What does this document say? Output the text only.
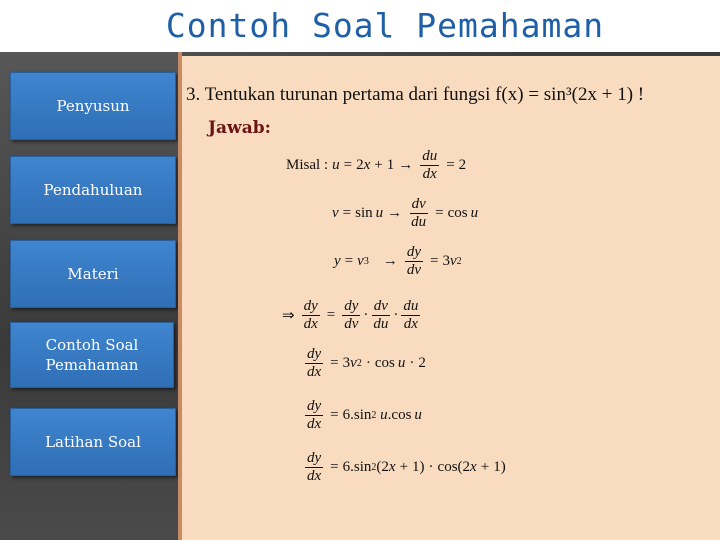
Contoh Soal Pemahaman
Penyusun
Pendahuluan
Materi
Contoh Soal Pemahaman
Latihan Soal
3. Tentukan turunan pertama dari fungsi f(x) = sin³(2x + 1) !
Jawab:
Misal : u = 2 $x + 1 \to \frac{du}{dx} = 2$
$v = \sin u \to \frac{dv}{du} = \cos u$
y = v $3 \to \frac{dy}{dv} = 3$ v 2
⇒ $\frac{dy}{dx} = \frac{dy}{dv} \cdot \frac{dv}{du} \cdot \frac{du}{dx}$
$\frac{dy}{dx} = 3$ v 2 · cos u · 2
$\frac{dy}{dx} = 6.\sin$ 2
u .cos u
$\frac{dy}{dx} = 6.\sin$ 2 (2 x + 1) · cos(2 x + 1)
